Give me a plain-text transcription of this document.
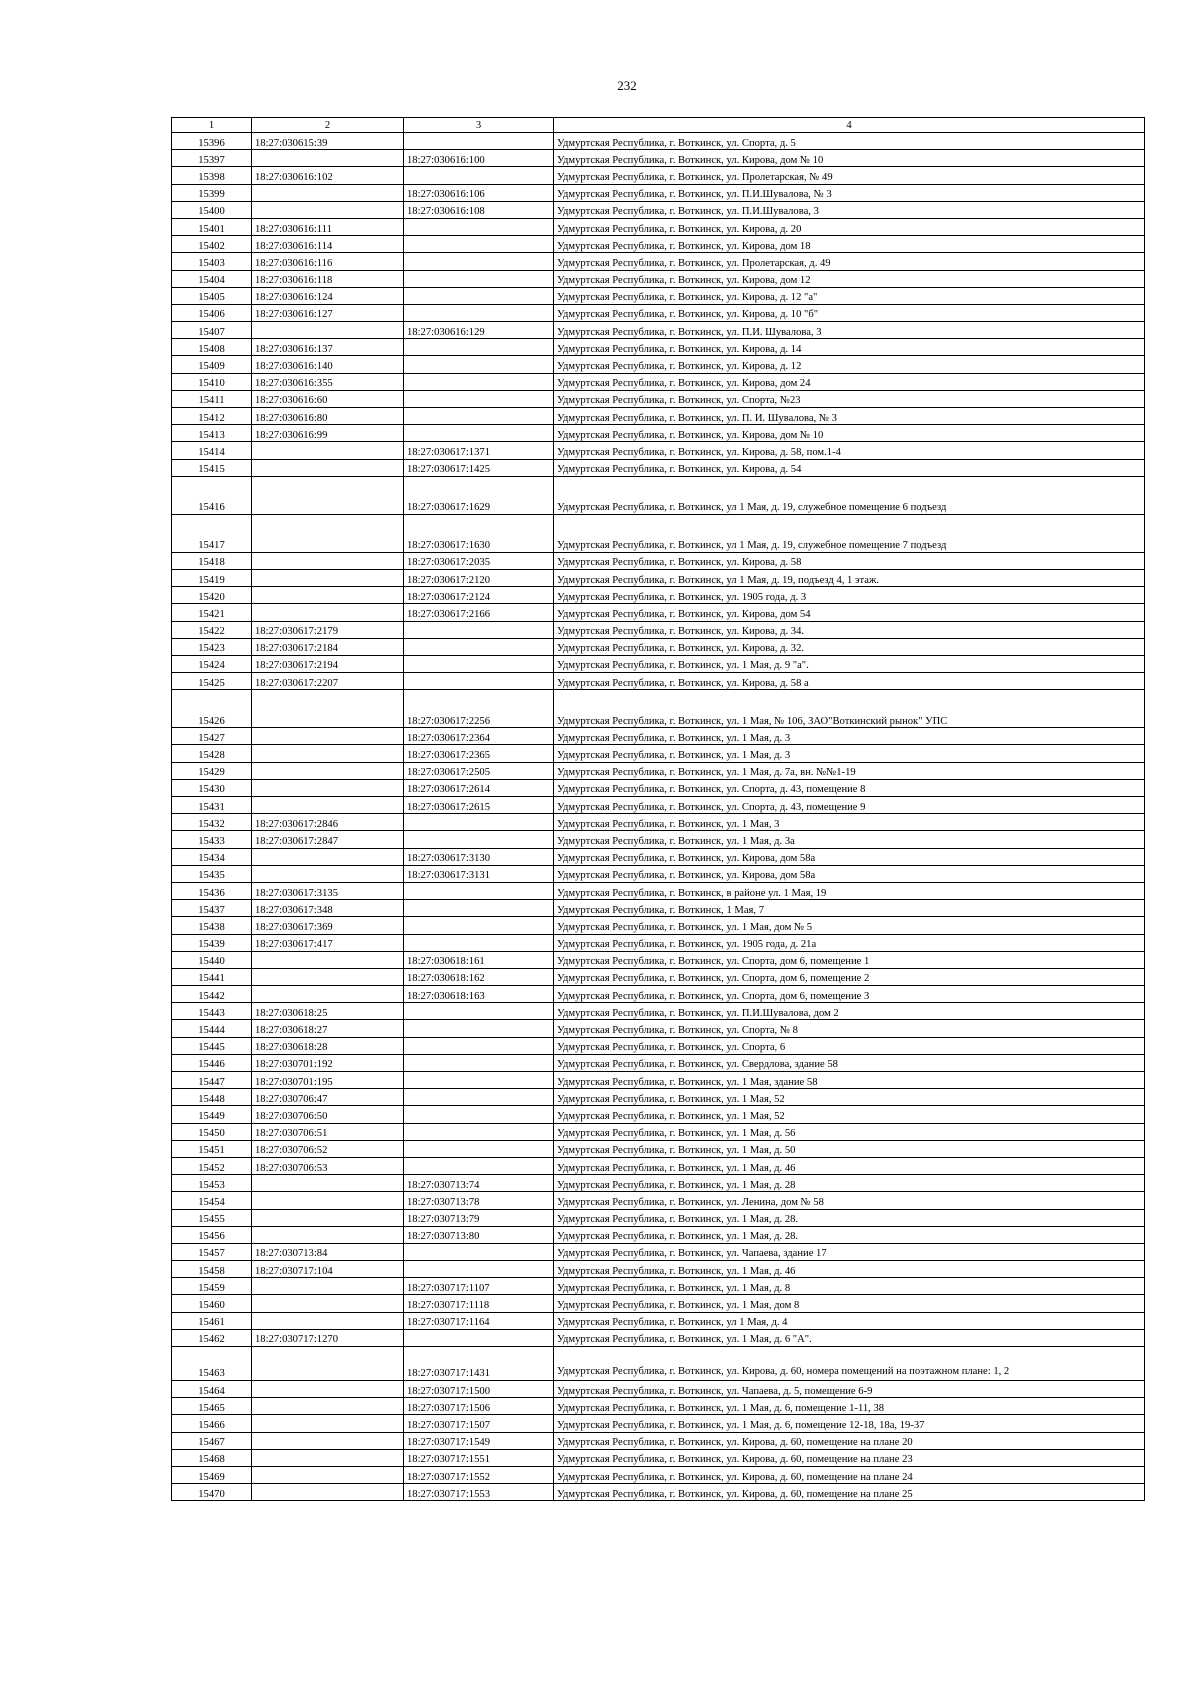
232
1	2	3	4
15396	18:27:030615:39		Удмуртская Республика, г. Воткинск, ул. Спорта, д. 5
15397		18:27:030616:100	Удмуртская Республика, г. Воткинск, ул. Кирова, дом № 10
15398	18:27:030616:102		Удмуртская Республика, г. Воткинск, ул. Пролетарская, № 49
15399		18:27:030616:106	Удмуртская Республика, г. Воткинск, ул. П.И.Шувалова, № 3
15400		18:27:030616:108	Удмуртская Республика, г. Воткинск, ул. П.И.Шувалова, 3
15401	18:27:030616:111		Удмуртская Республика, г. Воткинск, ул. Кирова, д. 20
15402	18:27:030616:114		Удмуртская Республика, г. Воткинск, ул. Кирова, дом 18
15403	18:27:030616:116		Удмуртская Республика, г. Воткинск, ул. Пролетарская, д. 49
15404	18:27:030616:118		Удмуртская Республика, г. Воткинск, ул. Кирова, дом 12
15405	18:27:030616:124		Удмуртская Республика, г. Воткинск, ул. Кирова, д. 12 "а"
15406	18:27:030616:127		Удмуртская Республика, г. Воткинск, ул. Кирова, д. 10 "б"
15407		18:27:030616:129	Удмуртская Республика, г. Воткинск, ул. П.И. Шувалова, 3
15408	18:27:030616:137		Удмуртская Республика, г. Воткинск, ул. Кирова, д. 14
15409	18:27:030616:140		Удмуртская Республика, г. Воткинск, ул. Кирова, д. 12
15410	18:27:030616:355		Удмуртская Республика, г. Воткинск, ул. Кирова, дом 24
15411	18:27:030616:60		Удмуртская Республика, г. Воткинск, ул. Спорта, №23
15412	18:27:030616:80		Удмуртская Республика, г. Воткинск, ул. П. И. Шувалова, № 3
15413	18:27:030616:99		Удмуртская Республика, г. Воткинск, ул. Кирова, дом № 10
15414		18:27:030617:1371	Удмуртская Республика, г. Воткинск, ул. Кирова, д. 58, пом.1-4
15415		18:27:030617:1425	Удмуртская Республика, г. Воткинск, ул. Кирова, д. 54
15416		18:27:030617:1629	Удмуртская Республика, г. Воткинск, ул 1 Мая, д. 19, служебное помещение 6 подъезд
15417		18:27:030617:1630	Удмуртская Республика, г. Воткинск, ул 1 Мая, д. 19, служебное помещение 7 подъезд
15418		18:27:030617:2035	Удмуртская Республика, г. Воткинск, ул. Кирова, д. 58
15419		18:27:030617:2120	Удмуртская Республика, г. Воткинск, ул 1 Мая, д. 19, подъезд 4, 1 этаж.
15420		18:27:030617:2124	Удмуртская Республика, г. Воткинск, ул. 1905 года, д. 3
15421		18:27:030617:2166	Удмуртская Республика, г. Воткинск, ул. Кирова, дом 54
15422	18:27:030617:2179		Удмуртская Республика, г. Воткинск, ул. Кирова, д. 34.
15423	18:27:030617:2184		Удмуртская Республика, г. Воткинск, ул. Кирова, д. 32.
15424	18:27:030617:2194		Удмуртская Республика, г. Воткинск, ул. 1 Мая, д. 9 "а".
15425	18:27:030617:2207		Удмуртская Республика, г. Воткинск, ул. Кирова, д. 58 а
15426		18:27:030617:2256	Удмуртская Республика, г. Воткинск, ул. 1 Мая, № 106, ЗАО"Воткинский рынок" УПС
15427		18:27:030617:2364	Удмуртская Республика, г. Воткинск, ул. 1 Мая, д. 3
15428		18:27:030617:2365	Удмуртская Республика, г. Воткинск, ул. 1 Мая, д. 3
15429		18:27:030617:2505	Удмуртская Республика, г. Воткинск, ул. 1 Мая, д. 7а, вн. №№1-19
15430		18:27:030617:2614	Удмуртская Республика, г. Воткинск, ул. Спорта, д. 43, помещение 8
15431		18:27:030617:2615	Удмуртская Республика, г. Воткинск, ул. Спорта, д. 43, помещение 9
15432	18:27:030617:2846		Удмуртская Республика, г. Воткинск, ул. 1 Мая, 3
15433	18:27:030617:2847		Удмуртская Республика, г. Воткинск, ул. 1 Мая, д. 3а
15434		18:27:030617:3130	Удмуртская Республика, г. Воткинск, ул. Кирова, дом 58а
15435		18:27:030617:3131	Удмуртская Республика, г. Воткинск, ул. Кирова, дом 58а
15436	18:27:030617:3135		Удмуртская Республика, г. Воткинск, в районе ул. 1 Мая, 19
15437	18:27:030617:348		Удмуртская Республика, г. Воткинск, 1 Мая, 7
15438	18:27:030617:369		Удмуртская Республика, г. Воткинск, ул. 1 Мая, дом № 5
15439	18:27:030617:417		Удмуртская Республика, г. Воткинск, ул. 1905 года, д. 21а
15440		18:27:030618:161	Удмуртская Республика, г. Воткинск, ул. Спорта, дом 6, помещение 1
15441		18:27:030618:162	Удмуртская Республика, г. Воткинск, ул. Спорта, дом 6, помещение 2
15442		18:27:030618:163	Удмуртская Республика, г. Воткинск, ул. Спорта, дом 6, помещение 3
15443	18:27:030618:25		Удмуртская Республика, г. Воткинск, ул. П.И.Шувалова, дом 2
15444	18:27:030618:27		Удмуртская Республика, г. Воткинск, ул. Спорта, № 8
15445	18:27:030618:28		Удмуртская Республика, г. Воткинск, ул. Спорта, 6
15446	18:27:030701:192		Удмуртская Республика, г. Воткинск, ул. Свердлова, здание 58
15447	18:27:030701:195		Удмуртская Республика, г. Воткинск, ул. 1 Мая, здание 58
15448	18:27:030706:47		Удмуртская Республика, г. Воткинск, ул. 1 Мая, 52
15449	18:27:030706:50		Удмуртская Республика, г. Воткинск, ул. 1 Мая, 52
15450	18:27:030706:51		Удмуртская Республика, г. Воткинск, ул. 1 Мая, д. 56
15451	18:27:030706:52		Удмуртская Республика, г. Воткинск, ул. 1 Мая, д. 50
15452	18:27:030706:53		Удмуртская Республика, г. Воткинск, ул. 1 Мая, д. 46
15453		18:27:030713:74	Удмуртская Республика, г. Воткинск, ул. 1 Мая, д. 28
15454		18:27:030713:78	Удмуртская Республика, г. Воткинск, ул. Ленина, дом № 58
15455		18:27:030713:79	Удмуртская Республика, г. Воткинск, ул. 1 Мая, д. 28.
15456		18:27:030713:80	Удмуртская Республика, г. Воткинск, ул. 1 Мая, д. 28.
15457	18:27:030713:84		Удмуртская Республика, г. Воткинск, ул. Чапаева, здание 17
15458	18:27:030717:104		Удмуртская Республика, г. Воткинск, ул. 1 Мая, д. 46
15459		18:27:030717:1107	Удмуртская Республика, г. Воткинск, ул. 1 Мая, д. 8
15460		18:27:030717:1118	Удмуртская Республика, г. Воткинск, ул. 1 Мая, дом 8
15461		18:27:030717:1164	Удмуртская Республика, г. Воткинск, ул 1 Мая, д. 4
15462	18:27:030717:1270		Удмуртская Республика, г. Воткинск, ул. 1 Мая, д. 6 "А".
15463		18:27:030717:1431	Удмуртская Республика, г. Воткинск, ул. Кирова, д. 60, номера помещений на поэтажном плане: 1, 2
15464		18:27:030717:1500	Удмуртская Республика, г. Воткинск, ул. Чапаева, д. 5, помещение 6-9
15465		18:27:030717:1506	Удмуртская Республика, г. Воткинск, ул. 1 Мая, д. 6, помещение 1-11, 38
15466		18:27:030717:1507	Удмуртская Республика, г. Воткинск, ул. 1 Мая, д. 6, помещение 12-18, 18а, 19-37
15467		18:27:030717:1549	Удмуртская Республика, г. Воткинск, ул. Кирова, д. 60, помещение на плане 20
15468		18:27:030717:1551	Удмуртская Республика, г. Воткинск, ул. Кирова, д. 60, помещение на плане 23
15469		18:27:030717:1552	Удмуртская Республика, г. Воткинск, ул. Кирова, д. 60, помещение на плане 24
15470		18:27:030717:1553	Удмуртская Республика, г. Воткинск, ул. Кирова, д. 60, помещение на плане 25
